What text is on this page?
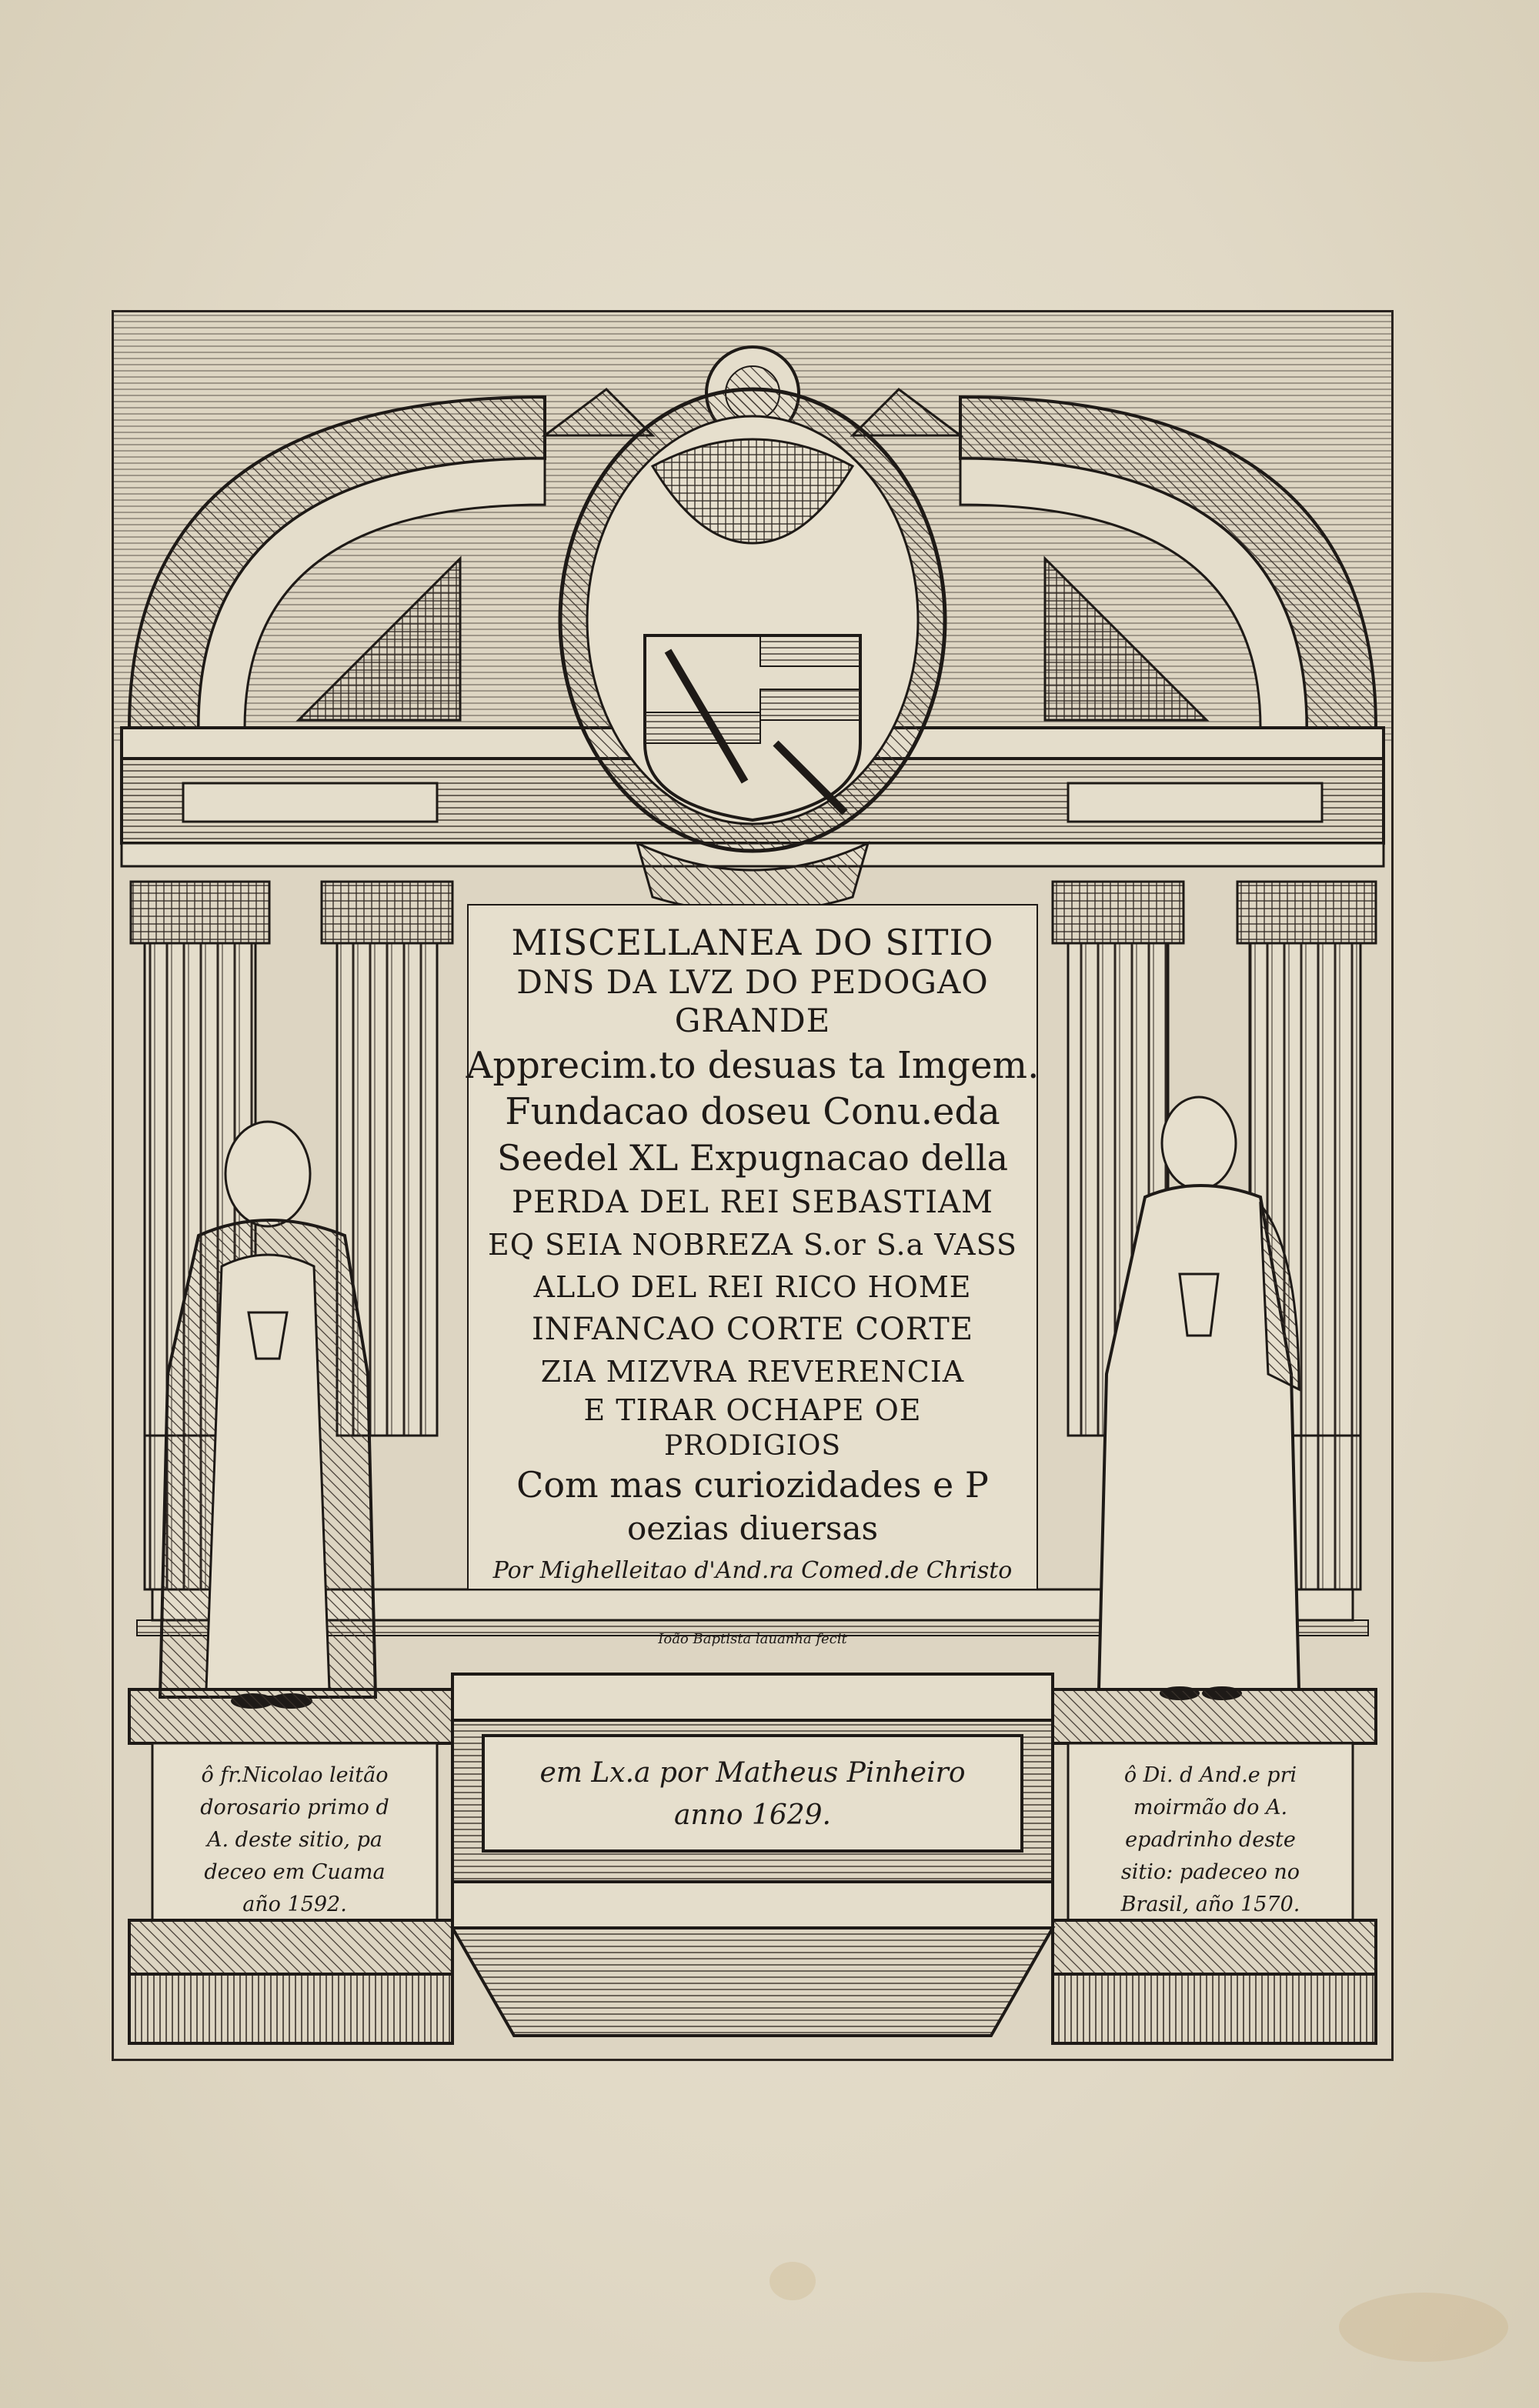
MISCELLANEA DO SITIO
DNS DA LVZ DO PEDOGAO
GRANDE
Apprecim.to desuas ta Imgem.
Fundacao doseu Conu.eda
Seedel XL Expugnacao della
PERDA DEL REI SEBASTIAM
EQ SEIA NOBREZA S.or S.a VASS
ALLO DEL REI RICO HOME
INFANCAO CORTE CORTE
ZIA MIZVRA REVERENCIA
E TIRAR OCHAPE OE
PRODIGIOS
Com mas curiozidades e P
oezias diuersas
Por Mighelleitao d'And.ra Comed.de Christo
Ioão Baptista lauanha fecit
em Lx.a por Matheus Pinheiro
anno 1629.
ô fr.Nicolao leitão
dorosario primo d
A. deste sitio, pa
deceo em Cuama
año 1592.
ô Di. d And.e pri
moirmão do A.
epadrinho deste
sitio: padeceo no
Brasil, año 1570.
